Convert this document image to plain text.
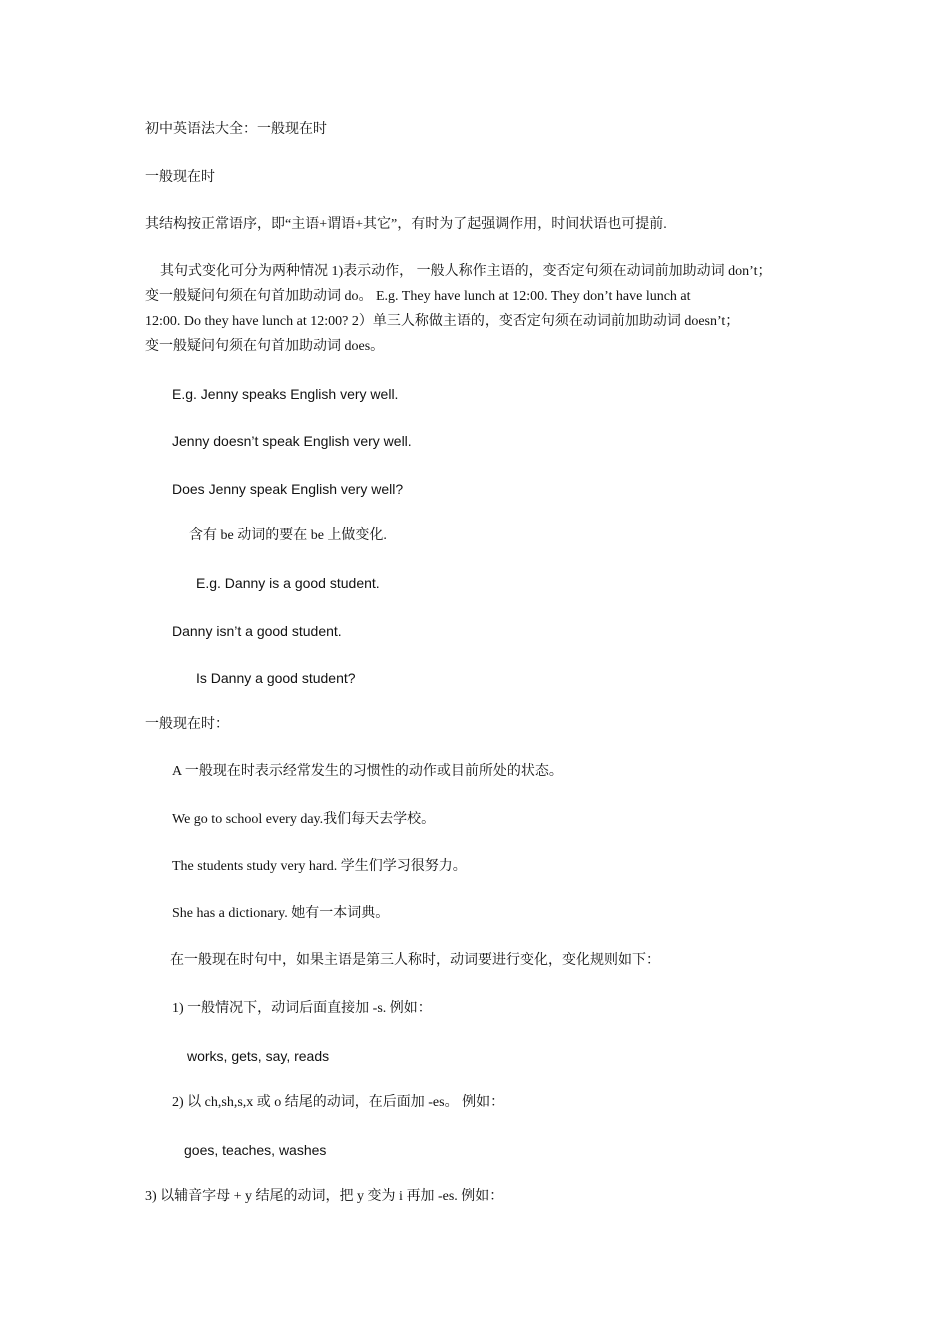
初中英语法大全：一般现在时
一般现在时
其结构按正常语序，即“主语+谓语+其它”，有时为了起强调作用，时间状语也可提前.
其句式变化可分为两种情况 1)表示动作， 一般人称作主语的，变否定句须在动词前加助动词 don’t；
变一般疑问句须在句首加助动词 do。 E.g. They have lunch at 12:00. They don’t have lunch at
12:00. Do they have lunch at 12:00? 2）单三人称做主语的，变否定句须在动词前加助动词 doesn’t；
变一般疑问句须在句首加助动词 does。
E.g. Jenny speaks English very well.
Jenny doesn’t speak English very well.
Does Jenny speak English very well?
含有 be 动词的要在 be 上做变化.
E.g. Danny is a good student.
Danny isn’t a good student.
Is Danny a good student?
一般现在时：
A 一般现在时表示经常发生的习惯性的动作或目前所处的状态。
We go to school every day.我们每天去学校。
The students study very hard. 学生们学习很努力。
She has a dictionary. 她有一本词典。
在一般现在时句中，如果主语是第三人称时，动词要进行变化，变化规则如下：
1) 一般情况下，动词后面直接加 -s. 例如：
works, gets, say, reads
2) 以 ch,sh,s,x 或 o 结尾的动词，在后面加 -es。 例如：
goes, teaches, washes
3) 以辅音字母 + y 结尾的动词，把 y 变为 i 再加 -es. 例如：
